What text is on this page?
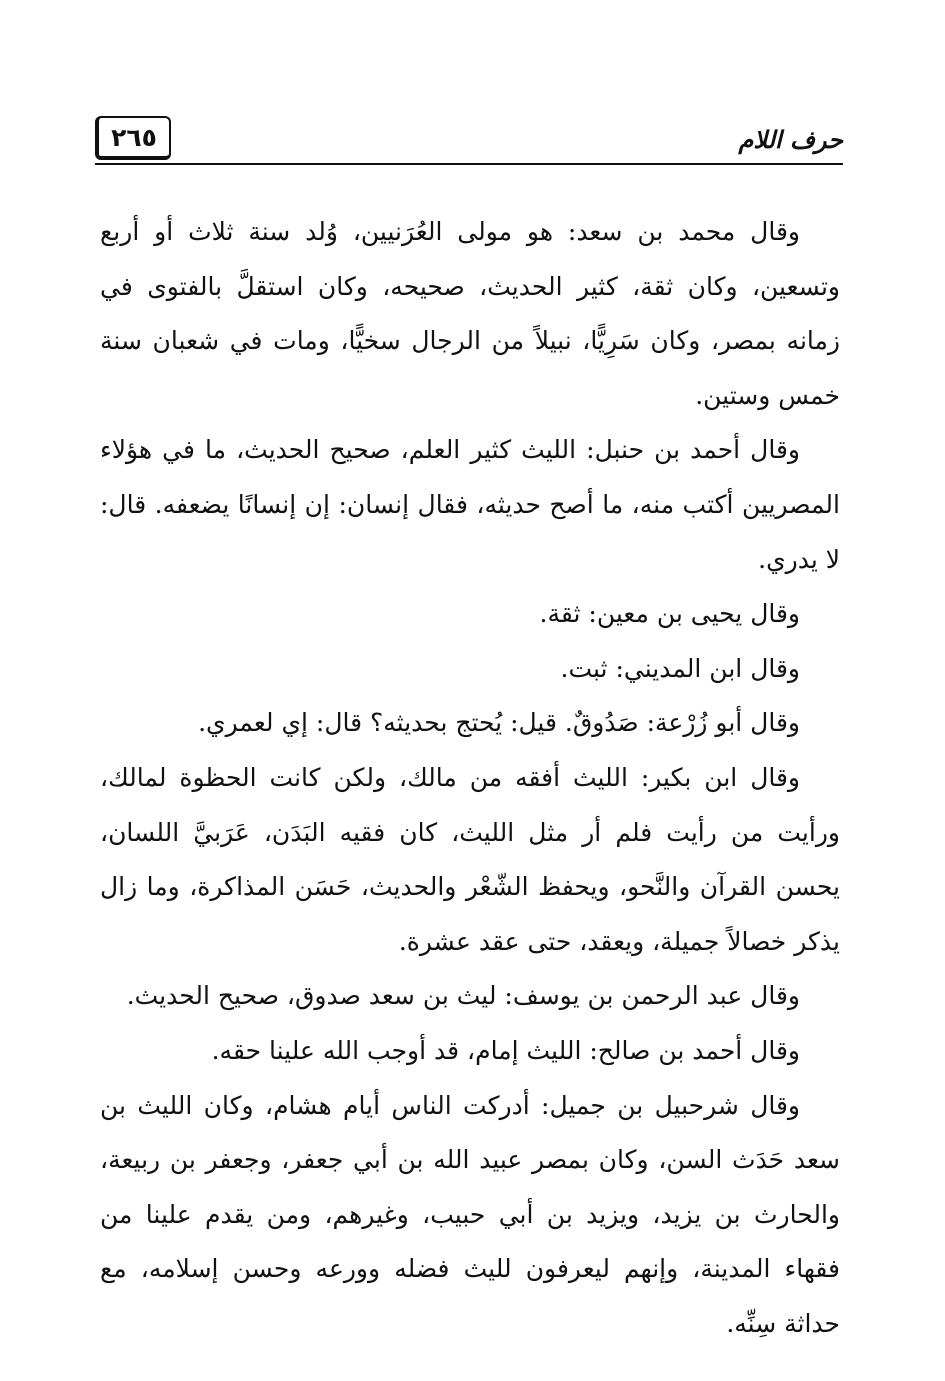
٢٦٥	حرف اللام

وقال محمد بن سعد: هو مولى العُرَنيين، وُلد سنة ثلاث أو أربع وتسعين، وكان ثقة، كثير الحديث، صحيحه، وكان استقلَّ بالفتوى في زمانه بمصر، وكان سَرِيًّا، نبيلاً من الرجال سخيًّا، ومات في شعبان سنة خمس وستين.

وقال أحمد بن حنبل: الليث كثير العلم، صحيح الحديث، ما في هؤلاء المصريين أكتب منه، ما أصح حديثه، فقال إنسان: إن إنسانًا يضعفه. قال: لا يدري.

وقال يحيى بن معين: ثقة.

وقال ابن المديني: ثبت.

وقال أبو زُرْعة: صَدُوقٌ. قيل: يُحتج بحديثه؟ قال: إي لعمري.

وقال ابن بكير: الليث أفقه من مالك، ولكن كانت الحظوة لمالك، ورأيت من رأيت فلم أر مثل الليث، كان فقيه البَدَن، عَرَبيَّ اللسان، يحسن القرآن والنَّحو، ويحفظ الشّعْر والحديث، حَسَن المذاكرة، وما زال يذكر خصالاً جميلة، ويعقد، حتى عقد عشرة.

وقال عبد الرحمن بن يوسف: ليث بن سعد صدوق، صحيح الحديث.

وقال أحمد بن صالح: الليث إمام، قد أوجب الله علينا حقه.

وقال شرحبيل بن جميل: أدركت الناس أيام هشام، وكان الليث بن سعد حَدَث السن، وكان بمصر عبيد الله بن أبي جعفر، وجعفر بن ربيعة، والحارث بن يزيد، ويزيد بن أبي حبيب، وغيرهم، ومن يقدم علينا من فقهاء المدينة، وإنهم ليعرفون لليث فضله وورعه وحسن إسلامه، مع حداثة سِنِّه.
